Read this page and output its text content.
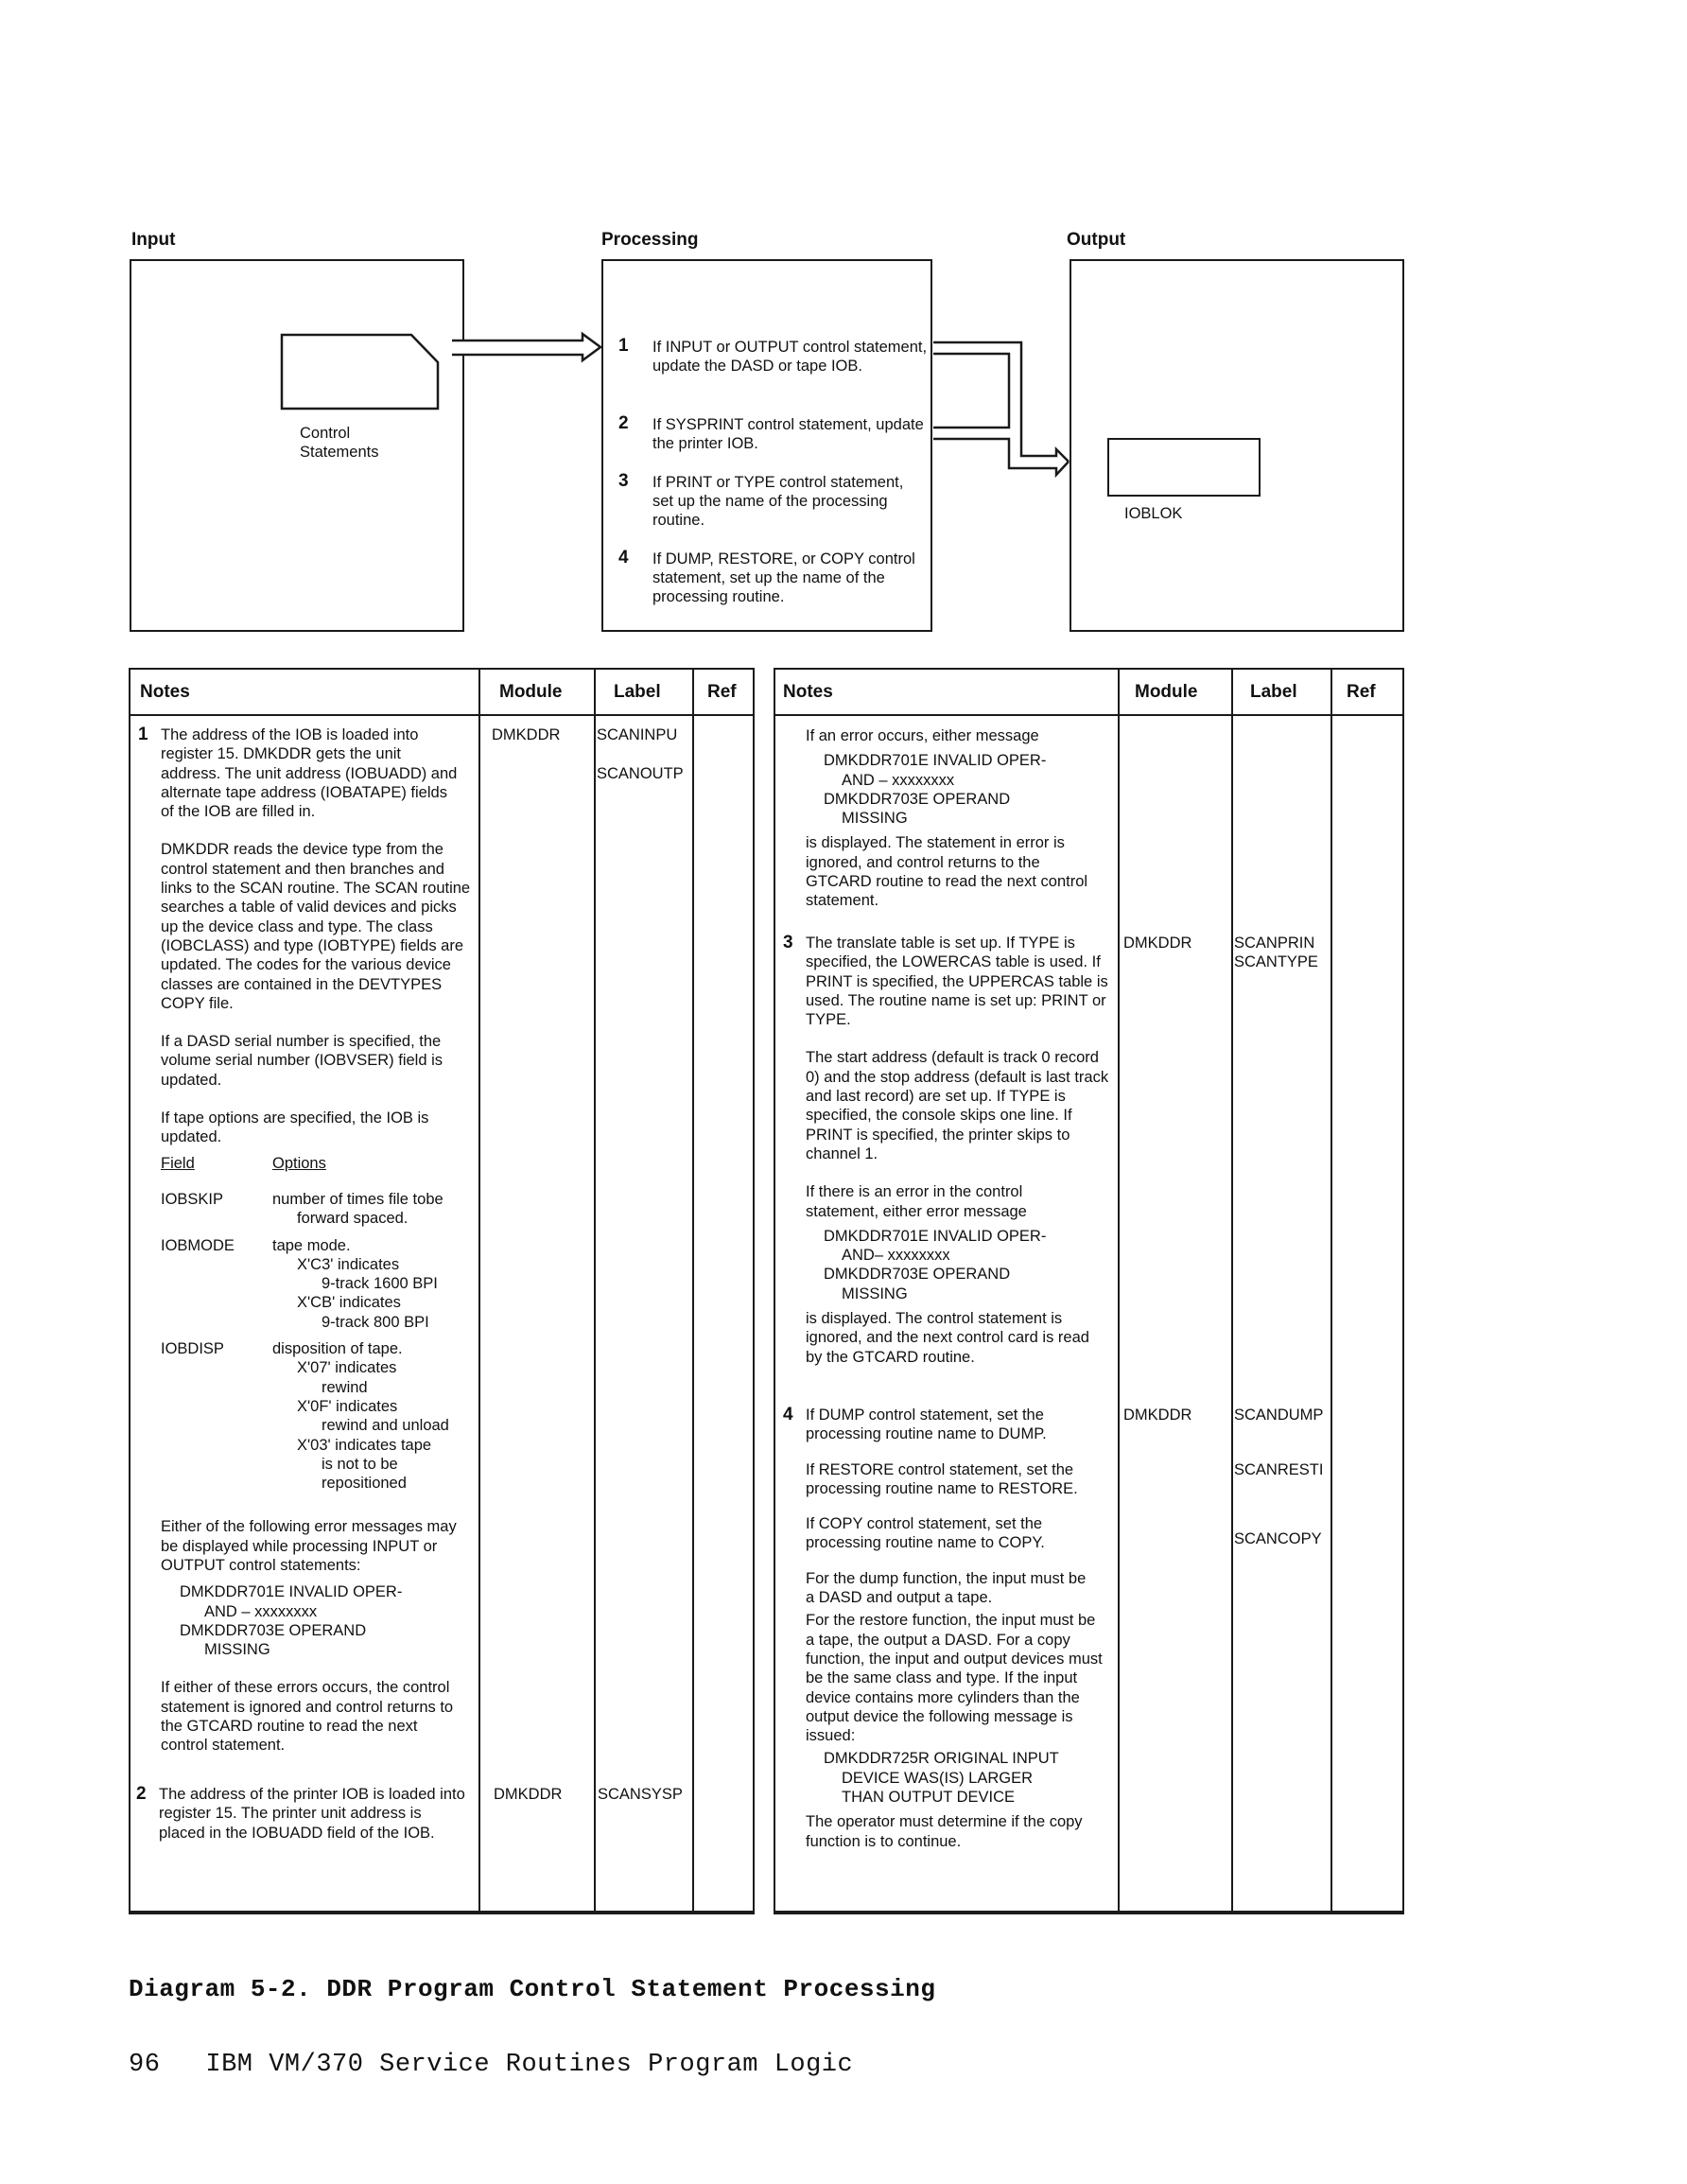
Input	Processing	Output
Control
Statements
1 If INPUT or OUTPUT control statement, update the DASD or tape IOB.
2 If SYSPRINT control statement, update the printer IOB.
3 If PRINT or TYPE control statement, set up the name of the processing routine.
4 If DUMP, RESTORE, or COPY control statement, set up the name of the processing routine.
IOBLOK
Notes	Module	Label	Ref
1 The address of the IOB is loaded into register 15. DMKDDR gets the unit address. The unit address (IOBUADD) and alternate tape address (IOBATAPE) fields of the IOB are filled in.

DMKDDR reads the device type from the control statement and then branches and links to the SCAN routine. The SCAN routine searches a table of valid devices and picks up the device class and type. The class (IOBCLASS) and type (IOBTYPE) fields are updated. The codes for the various device classes are contained in the DEVTYPES COPY file.

If a DASD serial number is specified, the volume serial number (IOBVSER) field is updated.

If tape options are specified, the IOB is updated.

Field	Options
IOBSKIP	number of times file tobe
forward spaced.
IOBMODE tape mode.
X'C3' indicates
9-track 1600 BPI
X'CB' indicates
9-track 800 BPI
IOBDISP	disposition of tape.
X'07' indicates
rewind
X'0F' indicates
rewind and unload
X'03' indicates tape
is not to be
repositioned

Either of the following error messages may be displayed while processing INPUT or OUTPUT control statements:

DMKDDR701E INVALID OPER-
AND – xxxxxxxx
DMKDDR703E OPERAND
MISSING

If either of these errors occurs, the control statement is ignored and control returns to the GTCARD routine to read the next control statement.

DMKDDR SCANINPU
SCANOUTP
2 The address of the printer IOB is loaded into register 15. The printer unit address is placed in the IOBUADD field of the IOB.

DMKDDR SCANSYSP
Notes	Module	Label	Ref

If an error occurs, either message

DMKDDR701E INVALID OPER-
AND – xxxxxxxx
DMKDDR703E OPERAND
MISSING

is displayed. The statement in error is ignored, and control returns to the GTCARD routine to read the next control statement.

3 The translate table is set up. If TYPE is specified, the LOWERCAS table is used. If PRINT is specified, the UPPERCAS table is used. The routine name is set up: PRINT or TYPE.

The start address (default is track 0 record 0) and the stop address (default is last track and last record) are set up. If TYPE is specified, the console skips one line. If PRINT is specified, the printer skips to channel 1.

If there is an error in the control statement, either error message

DMKDDR701E INVALID OPER-
AND– xxxxxxxx
DMKDDR703E OPERAND
MISSING

is displayed. The control statement is ignored, and the next control card is read by the GTCARD routine.

DMKDDR	SCANPRIN
SCANTYPE
4 If DUMP control statement, set the processing routine name to DUMP.

If RESTORE control statement, set the processing routine name to RESTORE.

If COPY control statement, set the processing routine name to COPY.

For the dump function, the input must be a DASD and output a tape.

For the restore function, the input must be a tape, the output a DASD. For a copy function, the input and output devices must be the same class and type. If the input device contains more cylinders than the output device the following message is issued:

DMKDDR725R ORIGINAL INPUT
DEVICE WAS(IS) LARGER
THAN OUTPUT DEVICE

The operator must determine if the copy function is to continue.

DMKDDR	SCANDUMP
SCANRESTI
SCANCOPY
Diagram 5-2. DDR Program Control Statement Processing
96 IBM VM/370 Service Routines Program Logic
